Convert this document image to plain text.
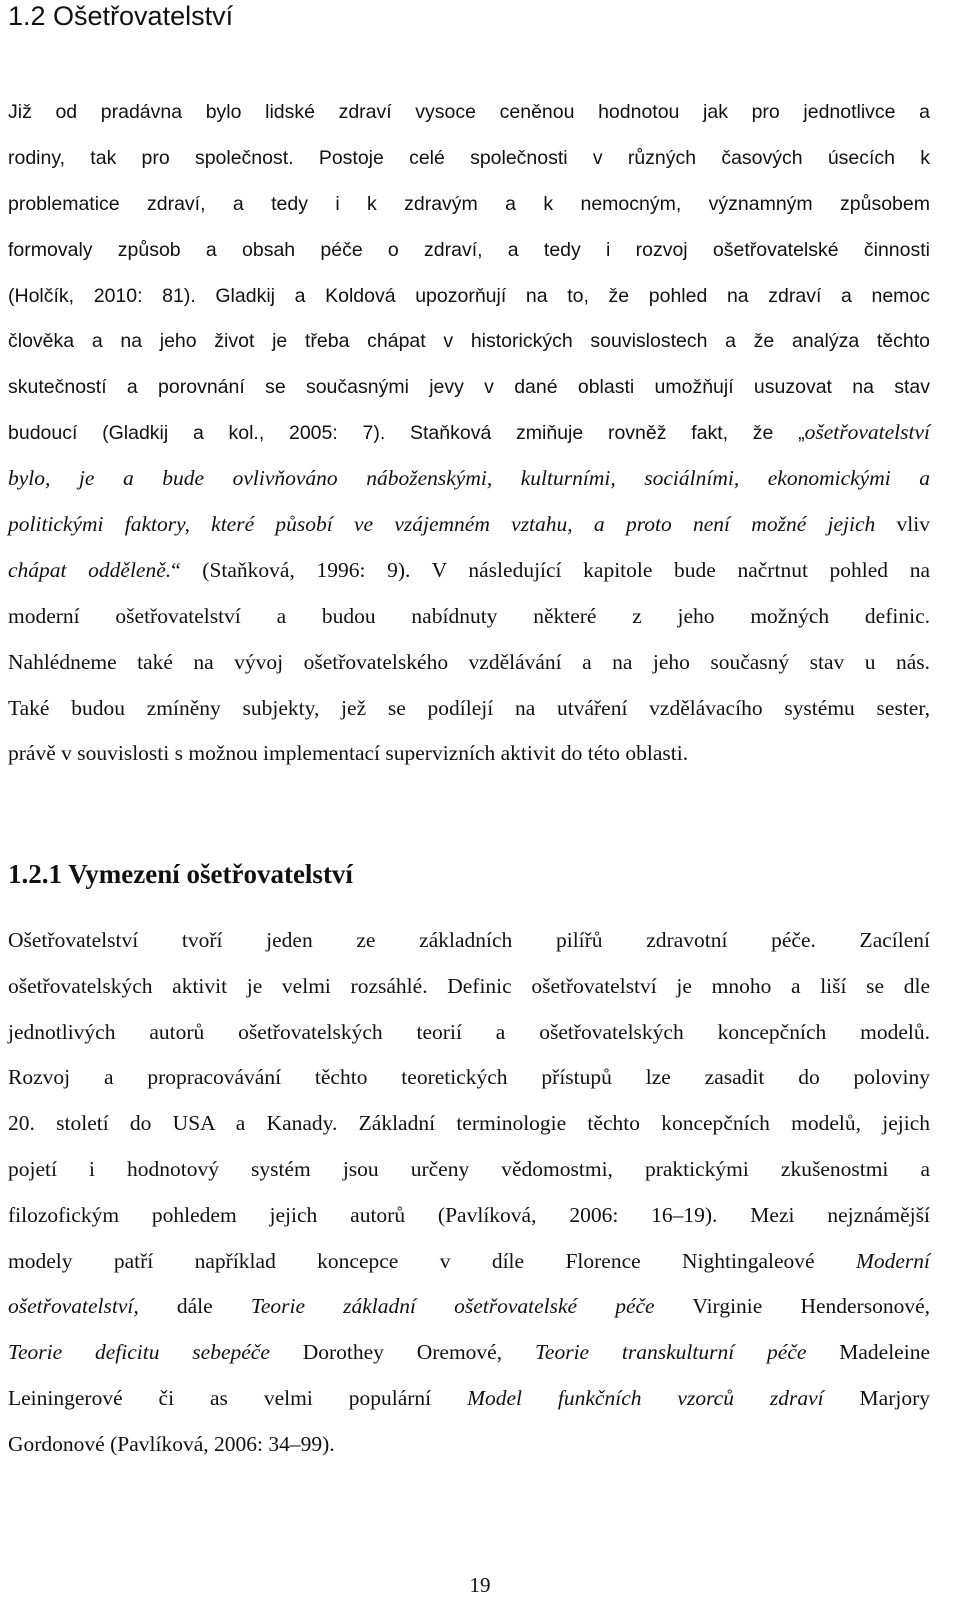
1.2 Ošetřovatelství
Již od pradávna bylo lidské zdraví vysoce ceněnou hodnotou jak pro jednotlivce a
rodiny, tak pro společnost. Postoje celé společnosti v různých časových úsecích k
problematice zdraví, a tedy i k zdravým a k nemocným, významným způsobem
formovaly způsob a obsah péče o zdraví, a tedy i rozvoj ošetřovatelské činnosti
(Holčík, 2010: 81). Gladkij a Koldová upozorňují na to, že pohled na zdraví a nemoc
člověka a na jeho život je třeba chápat v historických souvislostech a že analýza těchto
skutečností a porovnání se současnými jevy v dané oblasti umožňují usuzovat na stav
budoucí (Gladkij a kol., 2005: 7). Staňková zmiňuje rovněž fakt, že „ošetřovatelství
bylo, je a bude ovlivňováno náboženskými, kulturními, sociálními, ekonomickými a
politickými faktory, které působí ve vzájemném vztahu, a proto není možné jejich vliv
chápat odděleně.“ (Staňková, 1996: 9). V následující kapitole bude načrtnut pohled na
moderní ošetřovatelství a budou nabídnuty některé z jeho možných definic.
Nahlédneme také na vývoj ošetřovatelského vzdělávání a na jeho současný stav u nás.
Také budou zmíněny subjekty, jež se podílejí na utváření vzdělávacího systému sester,
právě v souvislosti s možnou implementací supervizních aktivit do této oblasti.
1.2.1 Vymezení ošetřovatelství
Ošetřovatelství tvoří jeden ze základních pilířů zdravotní péče. Zacílení
ošetřovatelských aktivit je velmi rozsáhlé. Definic ošetřovatelství je mnoho a liší se dle
jednotlivých autorů ošetřovatelských teorií a ošetřovatelských koncepčních modelů.
Rozvoj a propracovávání těchto teoretických přístupů lze zasadit do poloviny
20. století do USA a Kanady. Základní terminologie těchto koncepčních modelů, jejich
pojetí i hodnotový systém jsou určeny vědomostmi, praktickými zkušenostmi a
filozofickým pohledem jejich autorů (Pavlíková, 2006: 16–19). Mezi nejznámější
modely patří například koncepce v díle Florence Nightingaleové Moderní
ošetřovatelství, dále Teorie základní ošetřovatelské péče Virginie Hendersonové,
Teorie deficitu sebepéče Dorothey Oremové, Teorie transkulturní péče Madeleine
Leiningerové či as velmi populární Model funkčních vzorců zdraví Marjory
Gordonové (Pavlíková, 2006: 34–99).
19
